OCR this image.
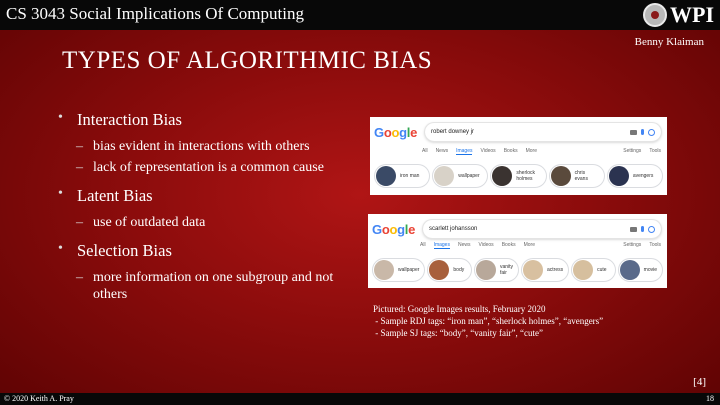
CS 3043 Social Implications Of Computing	WPI
Benny Klaiman
TYPES OF ALGORITHMIC BIAS
• Interaction Bias
– bias evident in interactions with others
– lack of representation is a common cause
• Latent Bias
– use of outdated data
• Selection Bias
– more information on one subgroup and not others
Google robert downey jr
All News Images Videos Books More	Settings Tools
iron man	wallpaper	sherlock holmes
chris evans	avengers
Google scarlett johansson
All Images News Videos Books More	Settings Tools
wallpaper	body	vanity fair	actress	cute	movie
Pictured: Google Images results, February 2020
- Sample RDJ tags: “iron man”, “sherlock holmes”, “avengers”
- Sample SJ tags: “body”, “vanity fair”, “cute”
[4]
© 2020 Keith A. Pray	18
